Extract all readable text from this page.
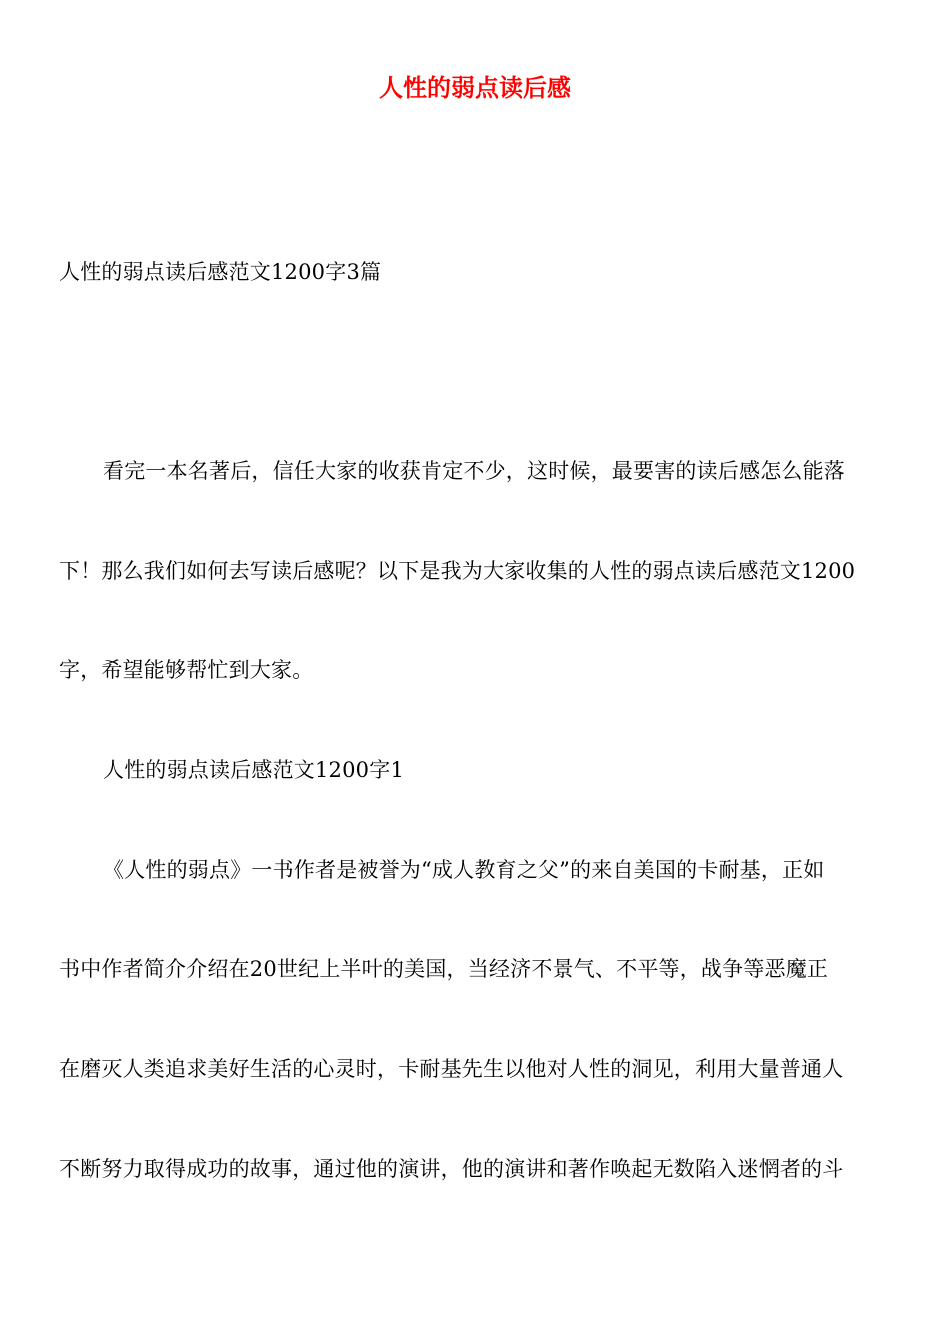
人性的弱点读后感
人性的弱点读后感范文1200字3篇
看完一本名著后，信任大家的收获肯定不少，这时候，最要害的读后感怎么能落
下！那么我们如何去写读后感呢？以下是我为大家收集的人性的弱点读后感范文1200
字，希望能够帮忙到大家。
人性的弱点读后感范文1200字1
《人性的弱点》一书作者是被誉为“成人教育之父”的来自美国的卡耐基，正如
书中作者简介介绍在20世纪上半叶的美国，当经济不景气、不平等，战争等恶魔正
在磨灭人类追求美好生活的心灵时，卡耐基先生以他对人性的洞见，利用大量普通人
不断努力取得成功的故事，通过他的演讲，他的演讲和著作唤起无数陷入迷惘者的斗
